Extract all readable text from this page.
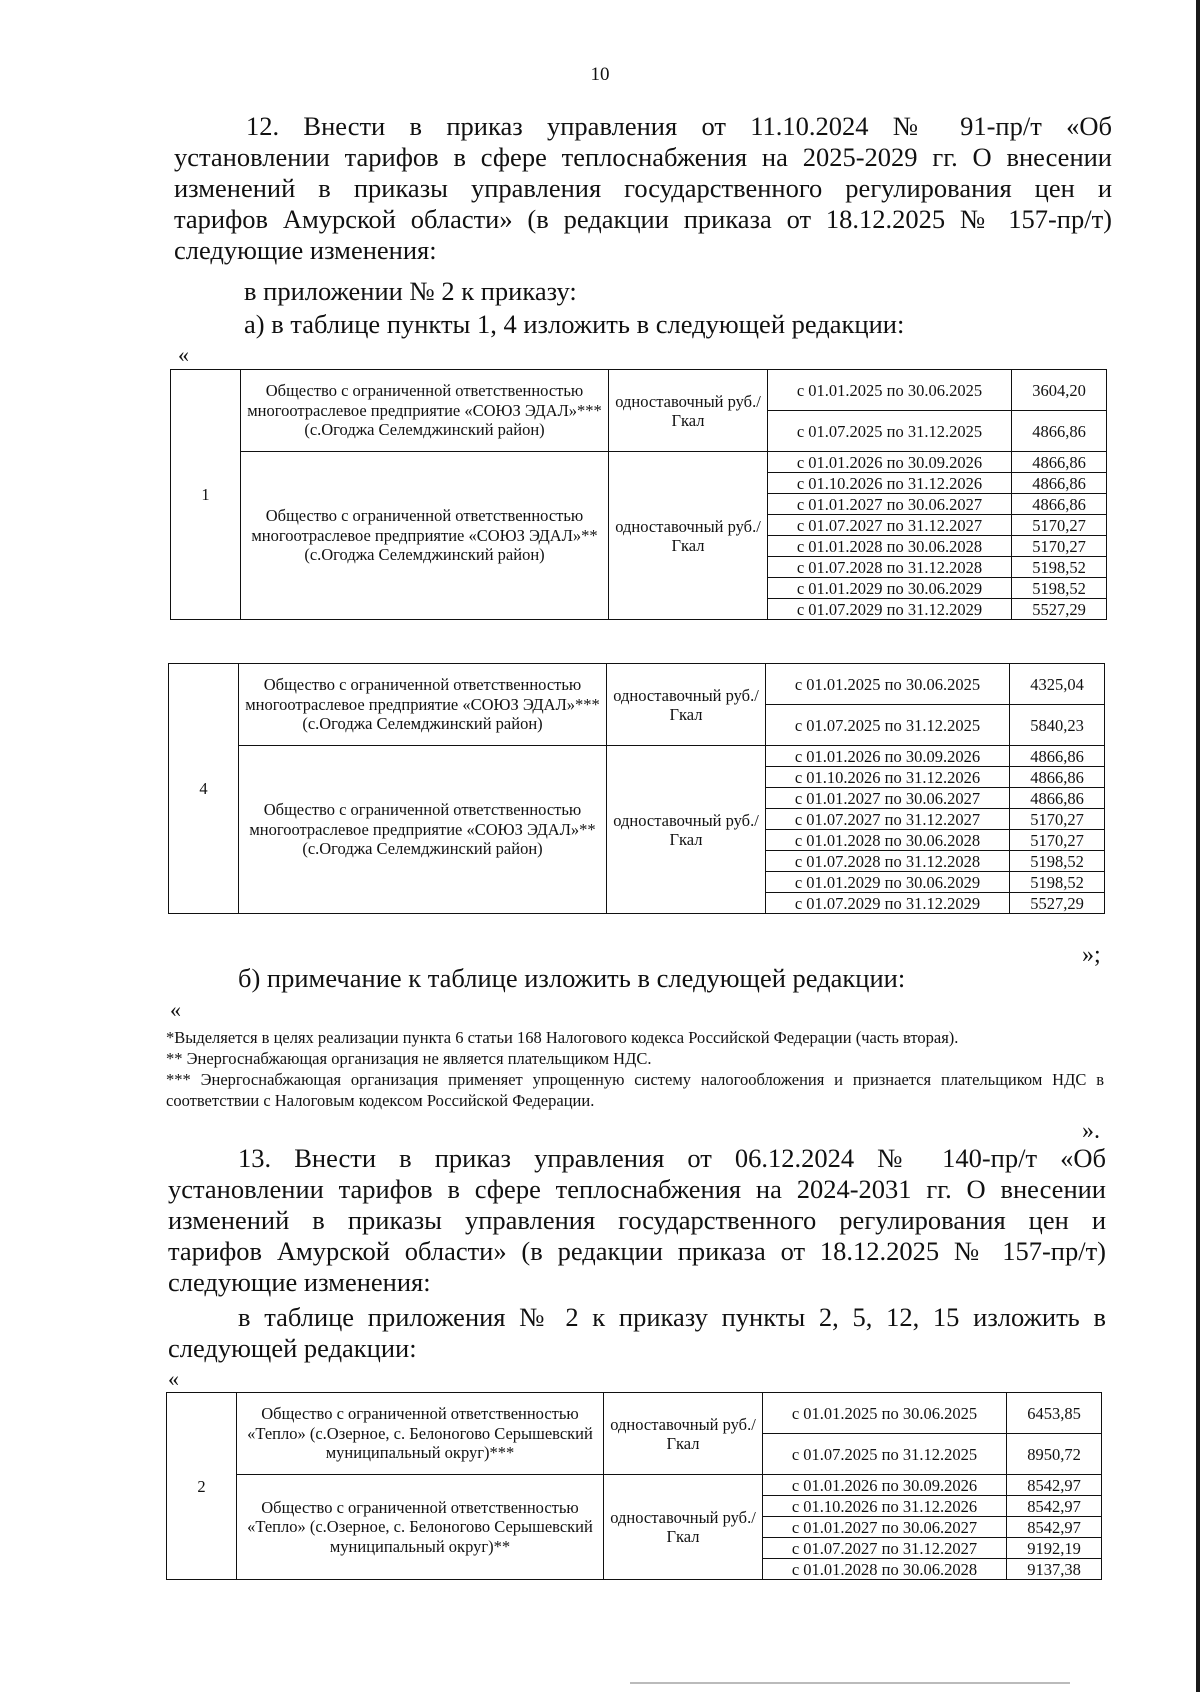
10
12. Внести в приказ управления от 11.10.2024 № 91-пр/т «Об
установлении тарифов в сфере теплоснабжения на 2025-2029 гг. О внесении
изменений в приказы управления государственного регулирования цен и
тарифов Амурской области» (в редакции приказа от 18.12.2025 № 157-пр/т)
следующие изменения:
в приложении № 2 к приказу:
а) в таблице пункты 1, 4 изложить в следующей редакции:
«
1	Общество с ограниченной ответственностью многоотраслевое предприятие «СОЮЗ ЭДАЛ»*** (с.Огоджа Селемджинский район)	одноставочный руб./Гкал	с 01.01.2025 по 30.06.2025	3604,20
			с 01.07.2025 по 31.12.2025	4866,86
	Общество с ограниченной ответственностью многоотраслевое предприятие «СОЮЗ ЭДАЛ»** (с.Огоджа Селемджинский район)	одноставочный руб./Гкал	с 01.01.2026 по 30.09.2026	4866,86
			с 01.10.2026 по 31.12.2026	4866,86
			с 01.01.2027 по 30.06.2027	4866,86
			с 01.07.2027 по 31.12.2027	5170,27
			с 01.01.2028 по 30.06.2028	5170,27
			с 01.07.2028 по 31.12.2028	5198,52
			с 01.01.2029 по 30.06.2029	5198,52
			с 01.07.2029 по 31.12.2029	5527,29
4	Общество с ограниченной ответственностью многоотраслевое предприятие «СОЮЗ ЭДАЛ»*** (с.Огоджа Селемджинский район)	одноставочный руб./Гкал	с 01.01.2025 по 30.06.2025	4325,04
			с 01.07.2025 по 31.12.2025	5840,23
	Общество с ограниченной ответственностью многоотраслевое предприятие «СОЮЗ ЭДАЛ»** (с.Огоджа Селемджинский район)	одноставочный руб./Гкал	с 01.01.2026 по 30.09.2026	4866,86
			с 01.10.2026 по 31.12.2026	4866,86
			с 01.01.2027 по 30.06.2027	4866,86
			с 01.07.2027 по 31.12.2027	5170,27
			с 01.01.2028 по 30.06.2028	5170,27
			с 01.07.2028 по 31.12.2028	5198,52
			с 01.01.2029 по 30.06.2029	5198,52
			с 01.07.2029 по 31.12.2029	5527,29
»;
б) примечание к таблице изложить в следующей редакции:
«

*Выделяется в целях реализации пункта 6 статьи 168 Налогового кодекса Российской Федерации (часть вторая).

** Энергоснабжающая организация не является плательщиком НДС.

*** Энергоснабжающая организация применяет упрощенную систему налогообложения и признается плательщиком НДС в соответствии с Налоговым кодексом Российской Федерации.

».
13. Внести в приказ управления от 06.12.2024 № 140-пр/т «Об
установлении тарифов в сфере теплоснабжения на 2024-2031 гг. О внесении
изменений в приказы управления государственного регулирования цен и
тарифов Амурской области» (в редакции приказа от 18.12.2025 № 157-пр/т)
следующие изменения:
в таблице приложения № 2 к приказу пункты 2, 5, 12, 15 изложить в
следующей редакции:
«
2	Общество с ограниченной ответственностью «Тепло» (с.Озерное, с. Белоногово Серышевский муниципальный округ)***	одноставочный руб./Гкал	с 01.01.2025 по 30.06.2025	6453,85
			с 01.07.2025 по 31.12.2025	8950,72
	Общество с ограниченной ответственностью «Тепло» (с.Озерное, с. Белоногово Серышевский муниципальный округ)**	одноставочный руб./Гкал	с 01.01.2026 по 30.09.2026	8542,97
			с 01.10.2026 по 31.12.2026	8542,97
			с 01.01.2027 по 30.06.2027	8542,97
			с 01.07.2027 по 31.12.2027	9192,19
			с 01.01.2028 по 30.06.2028	9137,38
